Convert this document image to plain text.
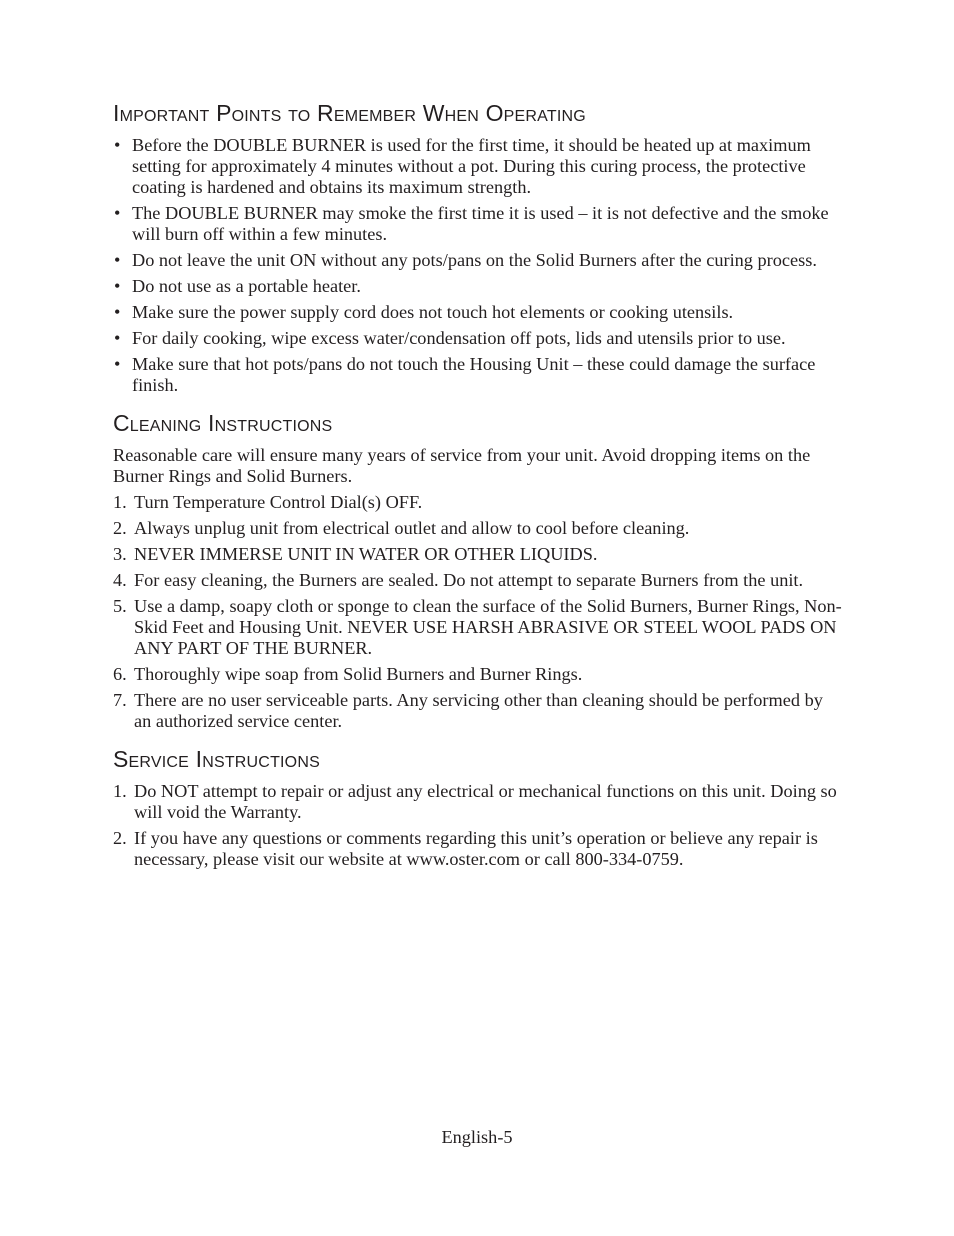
Important Points to Remember When Operating
• Before the DOUBLE BURNER is used for the first time, it should be heated up at maximum setting for approximately 4 minutes without a pot. During this curing process, the protective coating is hardened and obtains its maximum strength.
• The DOUBLE BURNER may smoke the first time it is used – it is not defective and the smoke will burn off within a few minutes.
• Do not leave the unit ON without any pots/pans on the Solid Burners after the curing process.
• Do not use as a portable heater.
• Make sure the power supply cord does not touch hot elements or cooking utensils.
• For daily cooking, wipe excess water/condensation off pots, lids and utensils prior to use.
• Make sure that hot pots/pans do not touch the Housing Unit – these could damage the surface finish.
Cleaning Instructions

Reasonable care will ensure many years of service from your unit. Avoid dropping items on the Burner Rings and Solid Burners.

1. Turn Temperature Control Dial(s) OFF.
2. Always unplug unit from electrical outlet and allow to cool before cleaning.
3. NEVER IMMERSE UNIT IN WATER OR OTHER LIQUIDS.
4. For easy cleaning, the Burners are sealed. Do not attempt to separate Burners from the unit.
5. Use a damp, soapy cloth or sponge to clean the surface of the Solid Burners, Burner Rings, Non-Skid Feet and Housing Unit. NEVER USE HARSH ABRASIVE OR STEEL WOOL PADS ON ANY PART OF THE BURNER.
6. Thoroughly wipe soap from Solid Burners and Burner Rings.
7. There are no user serviceable parts. Any servicing other than cleaning should be performed by an authorized service center.
Service Instructions
1. Do NOT attempt to repair or adjust any electrical or mechanical functions on this unit. Doing so will void the Warranty.
2. If you have any questions or comments regarding this unit’s operation or believe any repair is necessary, please visit our website at www.oster.com or call 800-334-0759.
English-5
